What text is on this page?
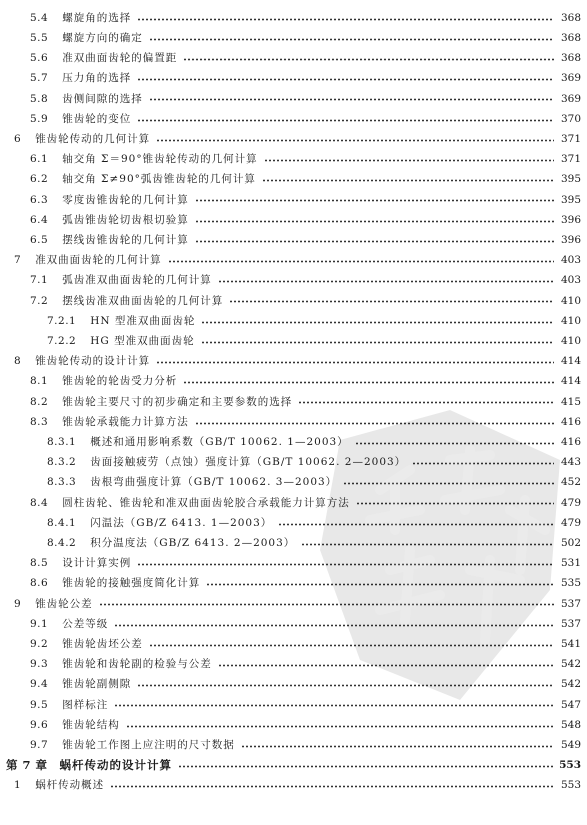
5.4 螺旋角的选择	368
5.5 螺旋方向的确定	368
5.6 准双曲面齿轮的偏置距	368
5.7 压力角的选择	369
5.8 齿侧间隙的选择	369
5.9 锥齿轮的变位	370
6 锥齿轮传动的几何计算	371
6.1 轴交角 Σ＝90°锥齿轮传动的几何计算	371
6.2 轴交角 Σ≠90°弧齿锥齿轮的几何计算	395
6.3 零度齿锥齿轮的几何计算	395
6.4 弧齿锥齿轮切齿根切验算	396
6.5 摆线齿锥齿轮的几何计算	396
7 准双曲面齿轮的几何计算	403
7.1 弧齿准双曲面齿轮的几何计算	403
7.2 摆线齿准双曲面齿轮的几何计算	410
7.2.1 HN 型准双曲面齿轮	410
7.2.2 HG 型准双曲面齿轮	410
8 锥齿轮传动的设计计算	414
8.1 锥齿轮的轮齿受力分析	414
8.2 锥齿轮主要尺寸的初步确定和主要参数的选择	415
8.3 锥齿轮承载能力计算方法	416
8.3.1 概述和通用影响系数（GB/T 10062. 1—2003）	416
8.3.2 齿面接触疲劳（点蚀）强度计算（GB/T 10062. 2—2003）	443
8.3.3 齿根弯曲强度计算（GB/T 10062. 3—2003）	452
8.4 圆柱齿轮、锥齿轮和准双曲面齿轮胶合承载能力计算方法	479
8.4.1 闪温法（GB/Z 6413. 1—2003）	479
8.4.2 积分温度法（GB/Z 6413. 2—2003）	502
8.5 设计计算实例	531
8.6 锥齿轮的接触强度简化计算	535
9 锥齿轮公差	537
9.1 公差等级	537
9.2 锥齿轮齿坯公差	541
9.3 锥齿轮和齿轮副的检验与公差	542
9.4 锥齿轮副侧隙	542
9.5 图样标注	547
9.6 锥齿轮结构	548
9.7 锥齿轮工作图上应注明的尺寸数据	549
第 7 章 蜗杆传动的设计计算	553
1 蜗杆传动概述	553
